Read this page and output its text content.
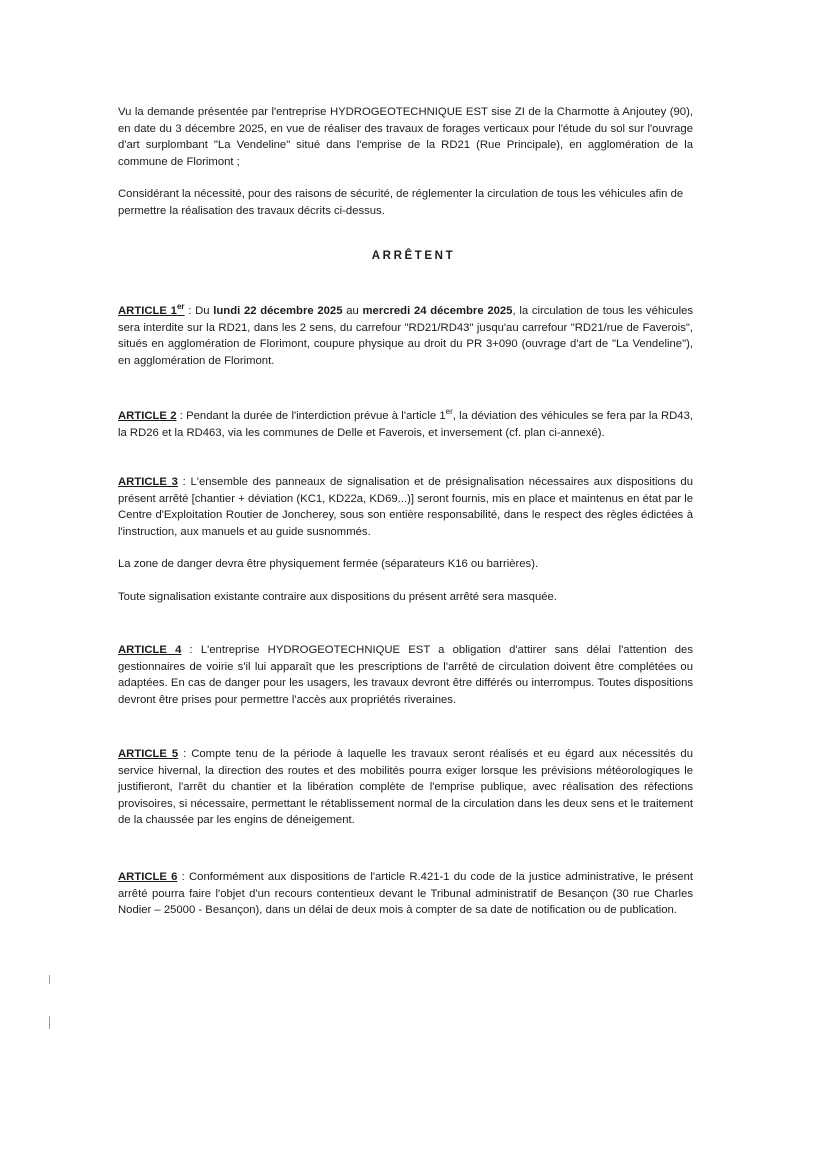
Vu la demande présentée par l'entreprise HYDROGEOTECHNIQUE EST sise ZI de la Charmotte à Anjoutey (90), en date du 3 décembre 2025, en vue de réaliser des travaux de forages verticaux pour l'étude du sol sur l'ouvrage d'art surplombant "La Vendeline" situé dans l'emprise de la RD21 (Rue Principale), en agglomération de la commune de Florimont ;

Considérant la nécessité, pour des raisons de sécurité, de réglementer la circulation de tous les véhicules afin de permettre la réalisation des travaux décrits ci-dessus.

ARRÊTENT

ARTICLE 1er : Du lundi 22 décembre 2025 au mercredi 24 décembre 2025, la circulation de tous les véhicules sera interdite sur la RD21, dans les 2 sens, du carrefour "RD21/RD43" jusqu'au carrefour "RD21/rue de Faverois", situés en agglomération de Florimont, coupure physique au droit du PR 3+090 (ouvrage d'art de "La Vendeline"), en agglomération de Florimont.

ARTICLE 2 : Pendant la durée de l'interdiction prévue à l'article 1er, la déviation des véhicules se fera par la RD43, la RD26 et la RD463, via les communes de Delle et Faverois, et inversement (cf. plan ci-annexé).

ARTICLE 3 : L'ensemble des panneaux de signalisation et de présignalisation nécessaires aux dispositions du présent arrêté [chantier + déviation (KC1, KD22a, KD69...)] seront fournis, mis en place et maintenus en état par le Centre d'Exploitation Routier de Joncherey, sous son entière responsabilité, dans le respect des règles édictées à l'instruction, aux manuels et au guide susnommés.

La zone de danger devra être physiquement fermée (séparateurs K16 ou barrières).

Toute signalisation existante contraire aux dispositions du présent arrêté sera masquée.

ARTICLE 4 : L'entreprise HYDROGEOTECHNIQUE EST a obligation d'attirer sans délai l'attention des gestionnaires de voirie s'il lui apparaît que les prescriptions de l'arrêté de circulation doivent être complétées ou adaptées. En cas de danger pour les usagers, les travaux devront être différés ou interrompus. Toutes dispositions devront être prises pour permettre l'accès aux propriétés riveraines.

ARTICLE 5 : Compte tenu de la période à laquelle les travaux seront réalisés et eu égard aux nécessités du service hivernal, la direction des routes et des mobilités pourra exiger lorsque les prévisions météorologiques le justifieront, l'arrêt du chantier et la libération complète de l'emprise publique, avec réalisation des réfections provisoires, si nécessaire, permettant le rétablissement normal de la circulation dans les deux sens et le traitement de la chaussée par les engins de déneigement.

ARTICLE 6 : Conformément aux dispositions de l'article R.421-1 du code de la justice administrative, le présent arrêté pourra faire l'objet d'un recours contentieux devant le Tribunal administratif de Besançon (30 rue Charles Nodier – 25000 - Besançon), dans un délai de deux mois à compter de sa date de notification ou de publication.
